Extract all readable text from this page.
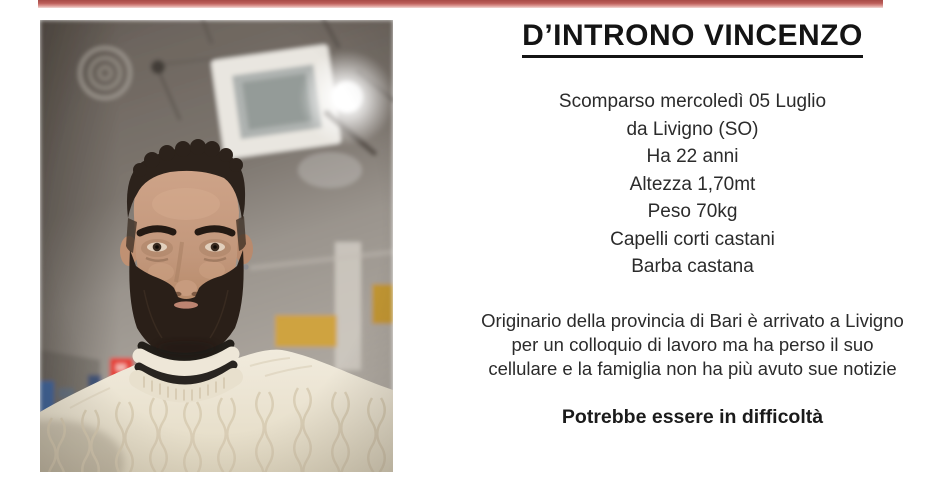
D’INTRONO VINCENZO
Scomparso mercoledì 05 Luglio
da Livigno (SO)
Ha 22 anni
Altezza 1,70mt
Peso 70kg
Capelli corti castani
Barba castana
Originario della provincia di Bari è arrivato a Livigno
per un colloquio di lavoro ma ha perso il suo
cellulare e la famiglia non ha più avuto sue notizie
Potrebbe essere in difficoltà
